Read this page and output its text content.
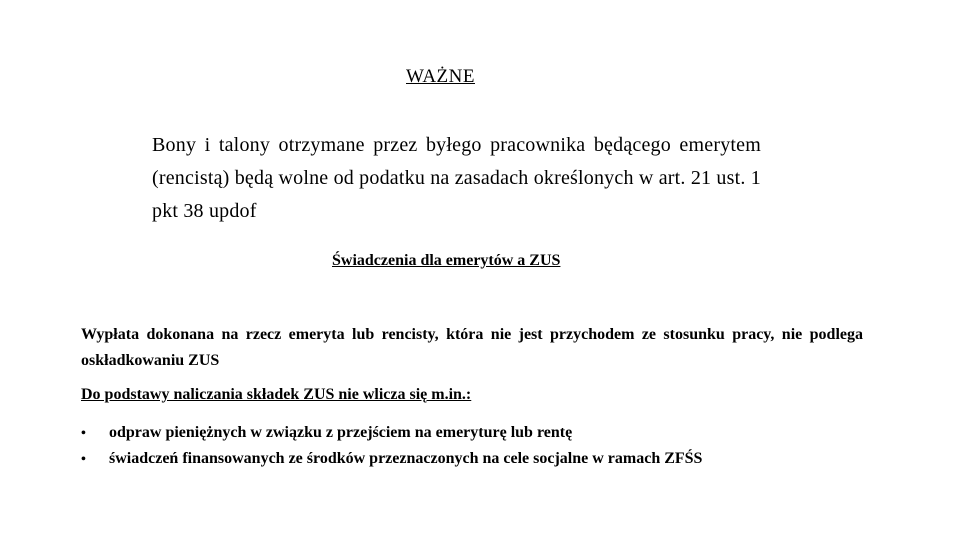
WAŻNE
Bony i talony otrzymane przez byłego pracownika będącego emerytem (rencistą) będą wolne od podatku na zasadach określonych w art. 21 ust. 1 pkt 38 updof
Świadczenia dla emerytów a ZUS
Wypłata dokonana na rzecz emeryta lub rencisty, która nie jest przychodem ze stosunku pracy, nie podlega oskładkowaniu ZUS
Do podstawy naliczania składek ZUS nie wlicza się m.in.:
•	odpraw pieniężnych w związku z przejściem na emeryturę lub rentę
•	świadczeń finansowanych ze środków przeznaczonych na cele socjalne w ramach ZFŚS
